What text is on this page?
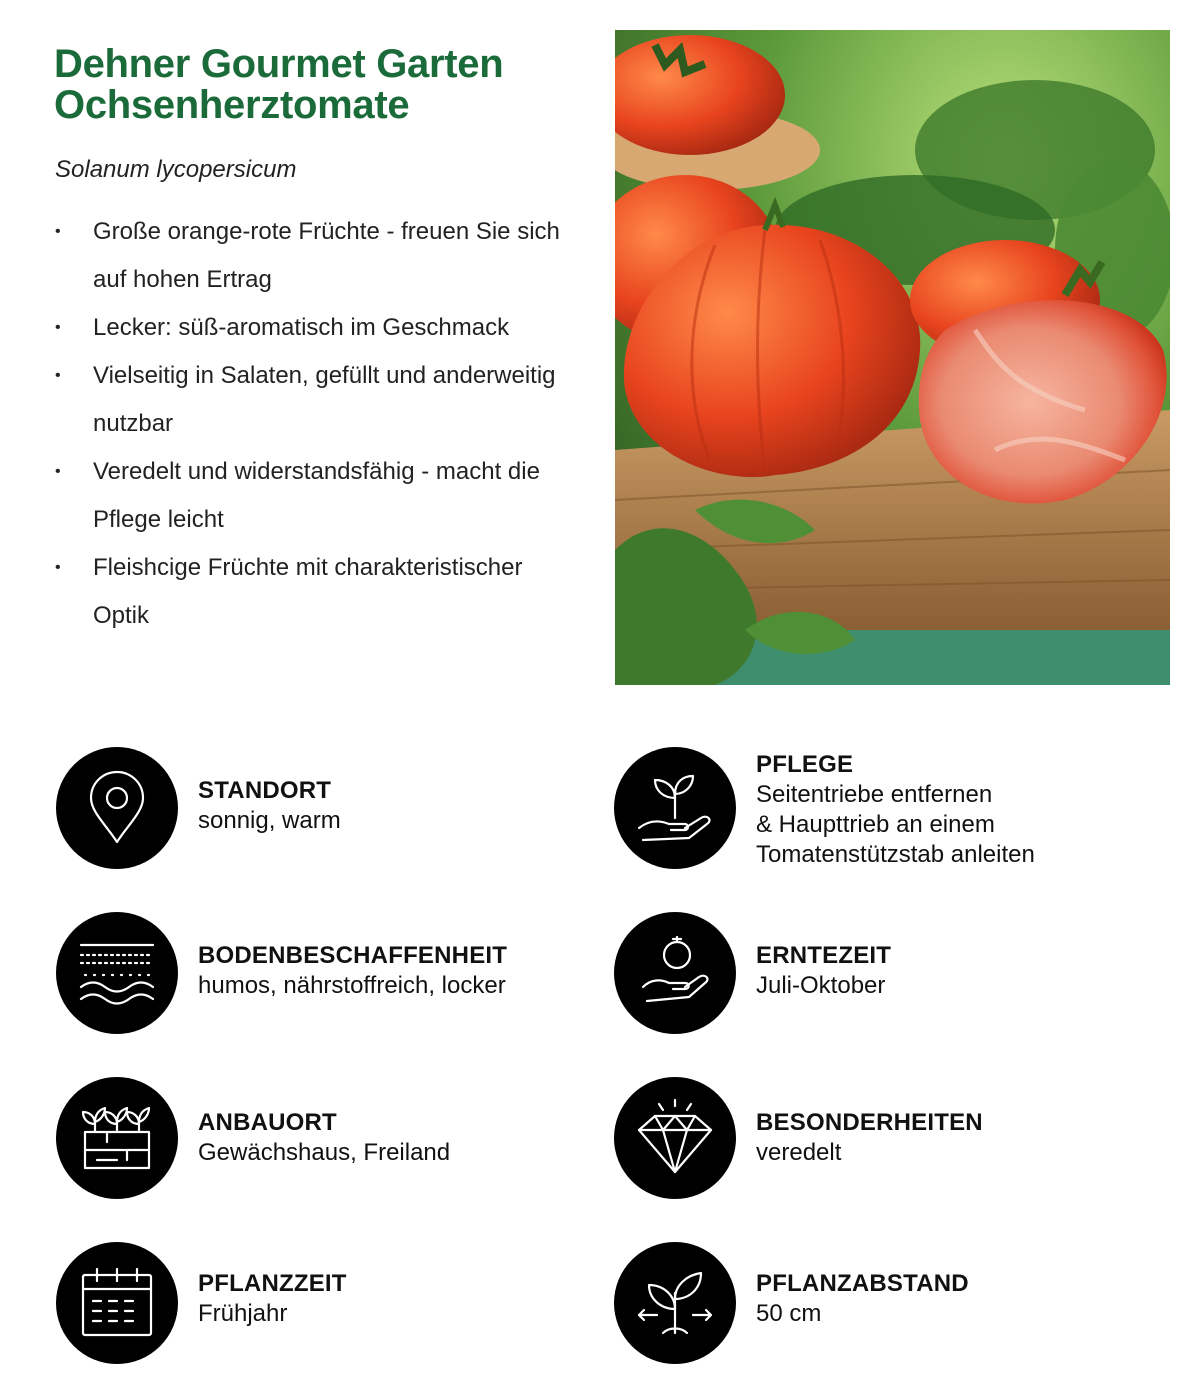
Dehner Gourmet Garten
Ochsenherztomate

Solanum lycopersicum

• Große orange-rote Früchte - freuen Sie sich auf hohen Ertrag
• Lecker: süß-aromatisch im Geschmack
• Vielseitig in Salaten, gefüllt und anderweitig nutzbar
• Veredelt und widerstandsfähig - macht die Pflege leicht
• Fleishcige Früchte mit charakteristischer Optik
STANDORT
sonnig, warm
PFLEGE
Seitentriebe entfernen
& Haupttrieb an einem
Tomatenstützstab anleiten
BODENBESCHAFFENHEIT
humos, nährstoffreich, locker
ERNTEZEIT
Juli-Oktober
ANBAUORT
Gewächshaus, Freiland
BESONDERHEITEN
veredelt
PFLANZZEIT
Frühjahr
PFLANZABSTAND
50 cm
